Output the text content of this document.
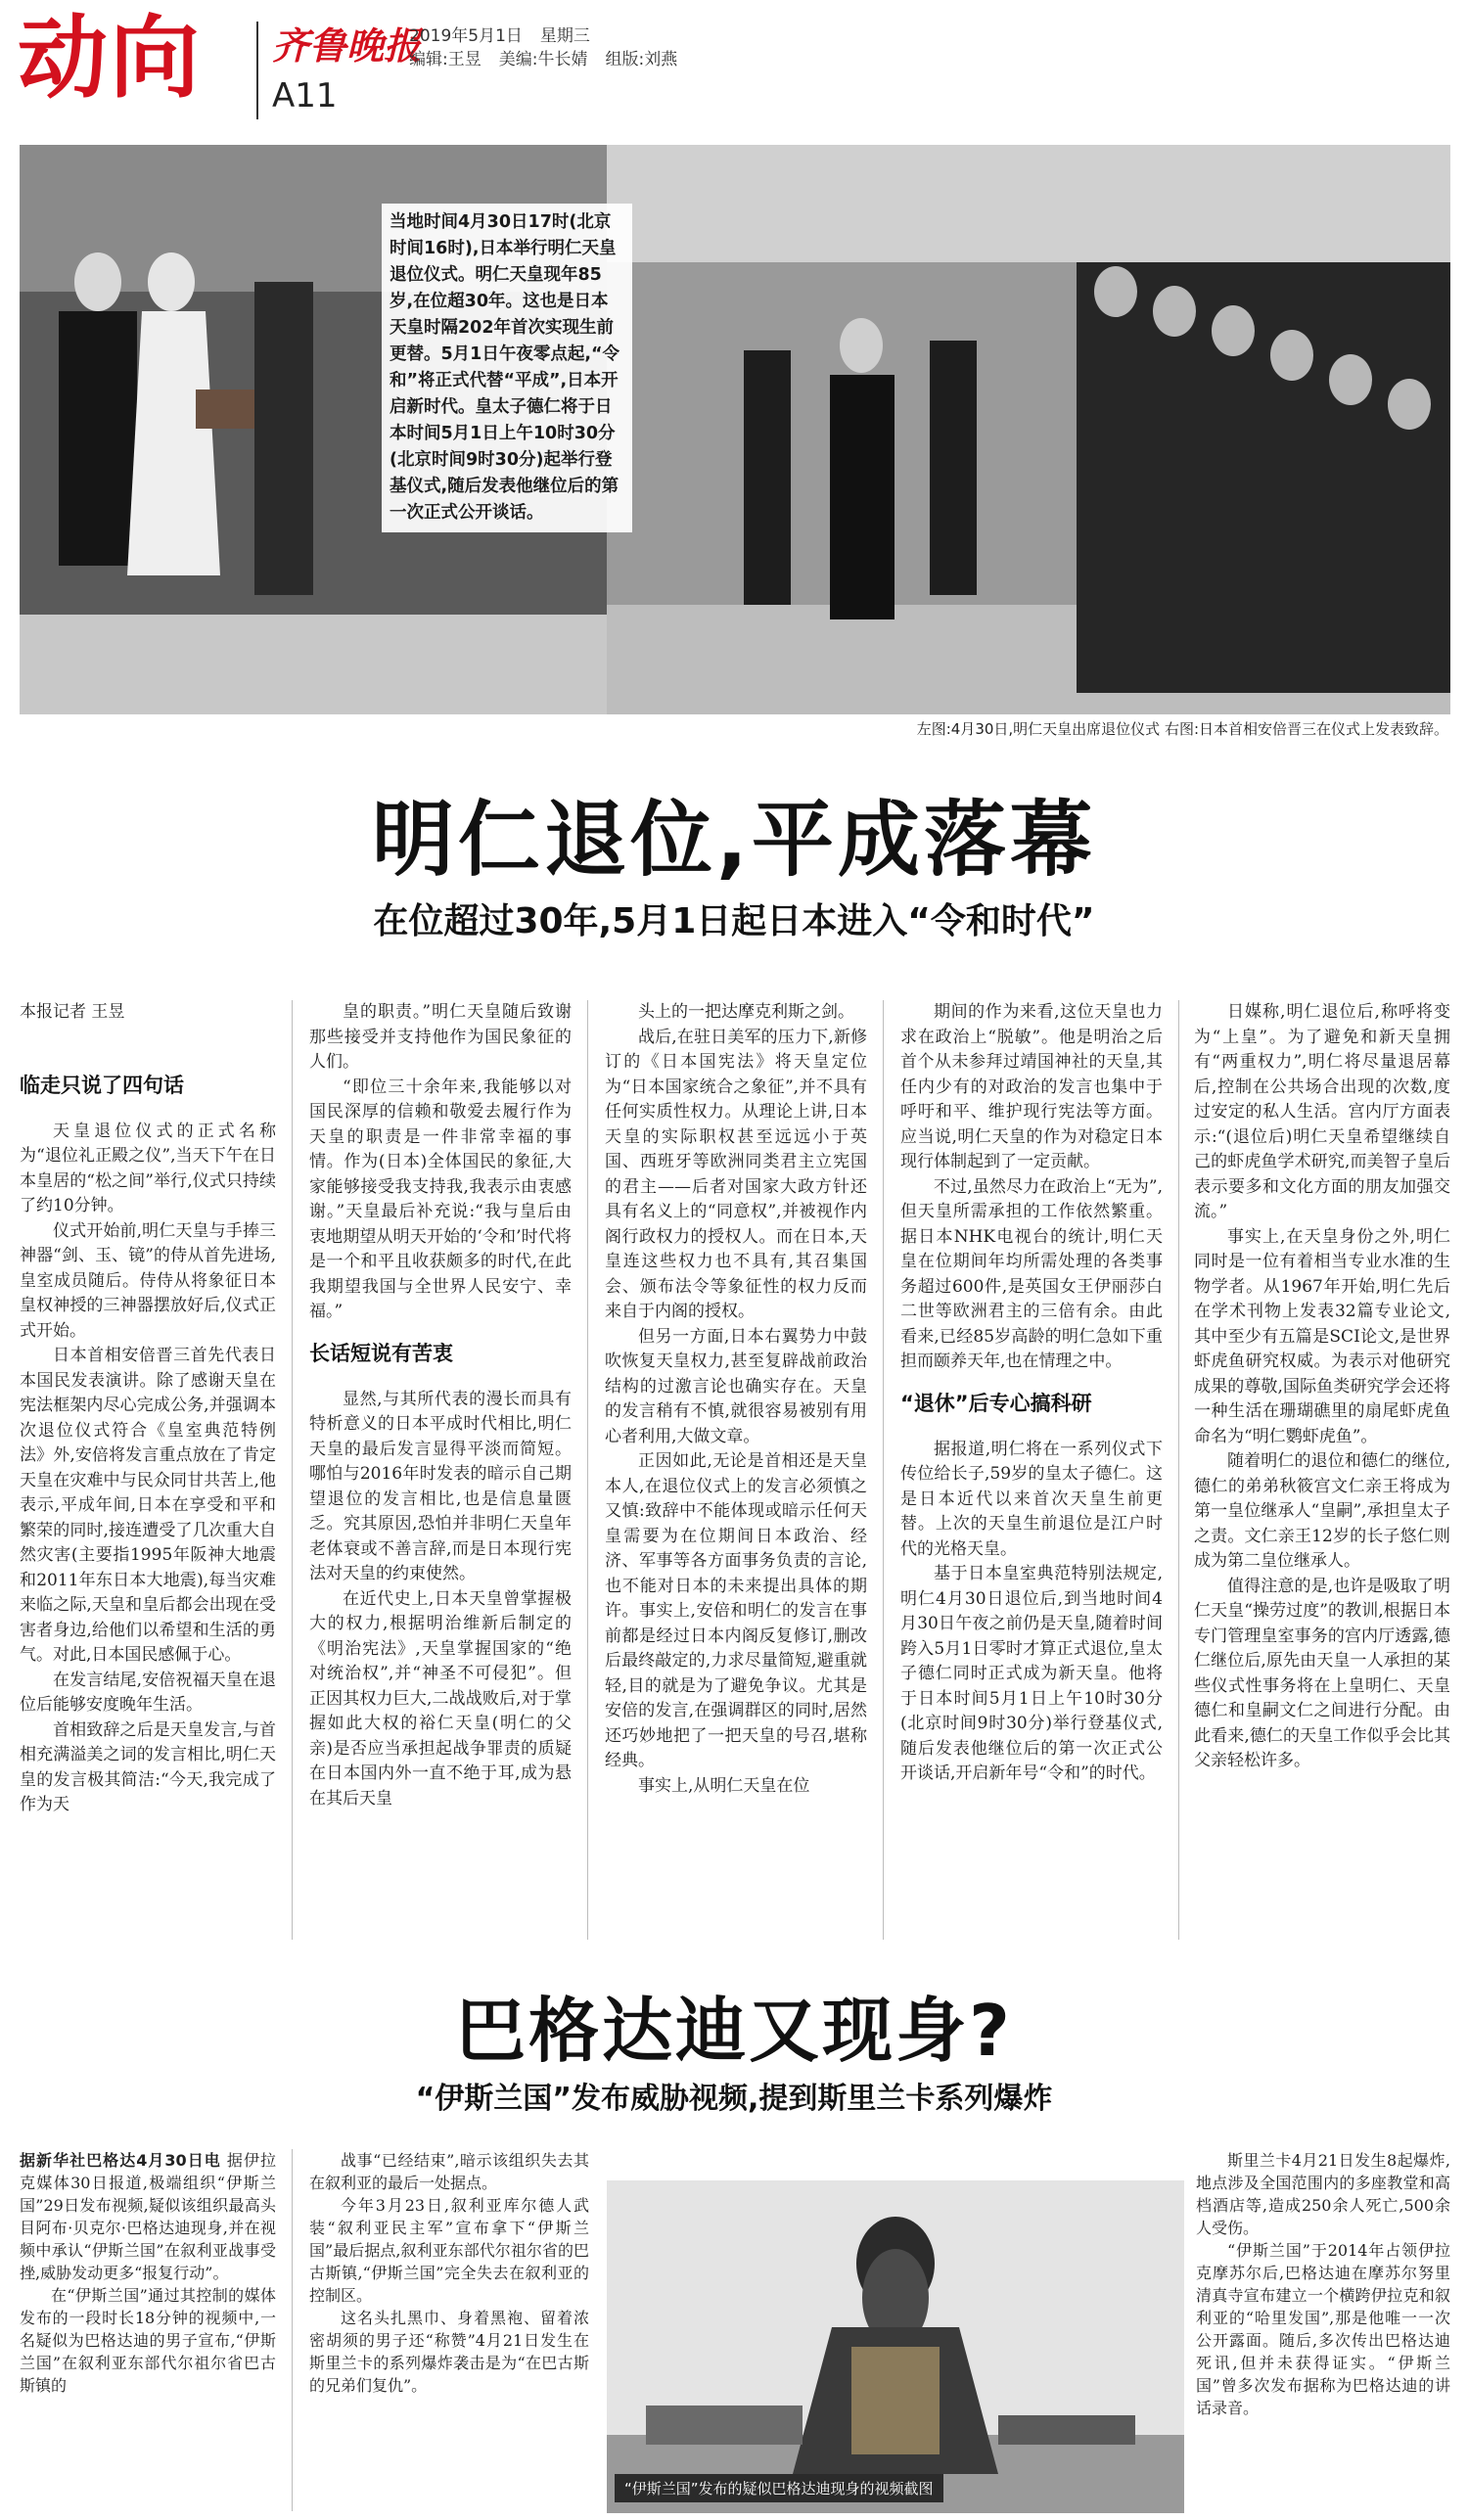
动向 齐鲁晚报
A11
2019年5月1日 星期三
编辑:王昱 美编:牛长婧 组版:刘燕
当地时间4月30日17时(北京时间16时),日本举行明仁天皇退位仪式。明仁天皇现年85岁,在位超30年。这也是日本天皇时隔202年首次实现生前更替。5月1日午夜零点起,“令和”将正式代替“平成”,日本开启新时代。皇太子德仁将于日本时间5月1日上午10时30分(北京时间9时30分)起举行登基仪式,随后发表他继位后的第一次正式公开谈话。
左图:4月30日,明仁天皇出席退位仪式 右图:日本首相安倍晋三在仪式上发表致辞。
明仁退位,平成落幕
在位超过30年,5月1日起日本进入“令和时代”

本报记者 王昱

临走只说了四句话

天皇退位仪式的正式名称为“退位礼正殿之仪”,当天下午在日本皇居的“松之间”举行,仪式只持续了约10分钟。

仪式开始前,明仁天皇与手捧三神器“剑、玉、镜”的侍从首先进场,皇室成员随后。侍侍从将象征日本皇权神授的三神器摆放好后,仪式正式开始。

日本首相安倍晋三首先代表日本国民发表演讲。除了感谢天皇在宪法框架内尽心完成公务,并强调本次退位仪式符合《皇室典范特例法》外,安倍将发言重点放在了肯定天皇在灾难中与民众同甘共苦上,他表示,平成年间,日本在享受和平和繁荣的同时,接连遭受了几次重大自然灾害(主要指1995年阪神大地震和2011年东日本大地震),每当灾难来临之际,天皇和皇后都会出现在受害者身边,给他们以希望和生活的勇气。对此,日本国民感佩于心。

在发言结尾,安倍祝福天皇在退位后能够安度晚年生活。

首相致辞之后是天皇发言,与首相充满溢美之词的发言相比,明仁天皇的发言极其简洁:“今天,我完成了作为天

皇的职责。”明仁天皇随后致谢那些接受并支持他作为国民象征的人们。

“即位三十余年来,我能够以对国民深厚的信赖和敬爱去履行作为天皇的职责是一件非常幸福的事情。作为(日本)全体国民的象征,大家能够接受我支持我,我表示由衷感谢。”天皇最后补充说:“我与皇后由衷地期望从明天开始的‘令和’时代将是一个和平且收获颇多的时代,在此我期望我国与全世界人民安宁、幸福。”

长话短说有苦衷

显然,与其所代表的漫长而具有特析意义的日本平成时代相比,明仁天皇的最后发言显得平淡而简短。哪怕与2016年时发表的暗示自己期望退位的发言相比,也是信息量匮乏。究其原因,恐怕并非明仁天皇年老体衰或不善言辞,而是日本现行宪法对天皇的约束使然。

在近代史上,日本天皇曾掌握极大的权力,根据明治维新后制定的《明治宪法》,天皇掌握国家的“绝对统治权”,并“神圣不可侵犯”。但正因其权力巨大,二战战败后,对于掌握如此大权的裕仁天皇(明仁的父亲)是否应当承担起战争罪责的质疑在日本国内外一直不绝于耳,成为悬在其后天皇

头上的一把达摩克利斯之剑。

战后,在驻日美军的压力下,新修订的《日本国宪法》将天皇定位为“日本国家统合之象征”,并不具有任何实质性权力。从理论上讲,日本天皇的实际职权甚至远远小于英国、西班牙等欧洲同类君主立宪国的君主——后者对国家大政方针还具有名义上的“同意权”,并被视作内阁行政权力的授权人。而在日本,天皇连这些权力也不具有,其召集国会、颁布法令等象征性的权力反而来自于内阁的授权。

但另一方面,日本右翼势力中鼓吹恢复天皇权力,甚至复辟战前政治结构的过激言论也确实存在。天皇的发言稍有不慎,就很容易被别有用心者利用,大做文章。

正因如此,无论是首相还是天皇本人,在退位仪式上的发言必须慎之又慎:致辞中不能体现或暗示任何天皇需要为在位期间日本政治、经济、军事等各方面事务负责的言论,也不能对日本的未来提出具体的期许。事实上,安倍和明仁的发言在事前都是经过日本内阁反复修订,删改后最终敲定的,力求尽量简短,避重就轻,目的就是为了避免争议。尤其是安倍的发言,在强调群区的同时,居然还巧妙地把了一把天皇的号召,堪称经典。

事实上,从明仁天皇在位

期间的作为来看,这位天皇也力求在政治上“脱敏”。他是明治之后首个从未参拜过靖国神社的天皇,其任内少有的对政治的发言也集中于呼吁和平、维护现行宪法等方面。应当说,明仁天皇的作为对稳定日本现行体制起到了一定贡献。

不过,虽然尽力在政治上“无为”,但天皇所需承担的工作依然繁重。据日本NHK电视台的统计,明仁天皇在位期间年均所需处理的各类事务超过600件,是英国女王伊丽莎白二世等欧洲君主的三倍有余。由此看来,已经85岁高龄的明仁急如下重担而颐养天年,也在情理之中。

“退休”后专心搞科研

据报道,明仁将在一系列仪式下传位给长子,59岁的皇太子德仁。这是日本近代以来首次天皇生前更替。上次的天皇生前退位是江户时代的光格天皇。

基于日本皇室典范特别法规定,明仁4月30日退位后,到当地时间4月30日午夜之前仍是天皇,随着时间跨入5月1日零时才算正式退位,皇太子德仁同时正式成为新天皇。他将于日本时间5月1日上午10时30分(北京时间9时30分)举行登基仪式,随后发表他继位后的第一次正式公开谈话,开启新年号“令和”的时代。

日媒称,明仁退位后,称呼将变为“上皇”。为了避免和新天皇拥有“两重权力”,明仁将尽量退居幕后,控制在公共场合出现的次数,度过安定的私人生活。宫内厅方面表示:“(退位后)明仁天皇希望继续自己的虾虎鱼学术研究,而美智子皇后表示要多和文化方面的朋友加强交流。”

事实上,在天皇身份之外,明仁同时是一位有着相当专业水准的生物学者。从1967年开始,明仁先后在学术刊物上发表32篇专业论文,其中至少有五篇是SCI论文,是世界虾虎鱼研究权威。为表示对他研究成果的尊敬,国际鱼类研究学会还将一种生活在珊瑚礁里的扇尾虾虎鱼命名为“明仁鹦虾虎鱼”。

随着明仁的退位和德仁的继位,德仁的弟弟秋筱宫文仁亲王将成为第一皇位继承人“皇嗣”,承担皇太子之责。文仁亲王12岁的长子悠仁则成为第二皇位继承人。

值得注意的是,也许是吸取了明仁天皇“操劳过度”的教训,根据日本专门管理皇室事务的宫内厅透露,德仁继位后,原先由天皇一人承担的某些仪式性事务将在上皇明仁、天皇德仁和皇嗣文仁之间进行分配。由此看来,德仁的天皇工作似乎会比其父亲轻松许多。

巴格达迪又现身?
“伊斯兰国”发布威胁视频,提到斯里兰卡系列爆炸

据新华社巴格达4月30日电 据伊拉克媒体30日报道,极端组织“伊斯兰国”29日发布视频,疑似该组织最高头目阿布·贝克尔·巴格达迪现身,并在视频中承认“伊斯兰国”在叙利亚战事受挫,威胁发动更多“报复行动”。

在“伊斯兰国”通过其控制的媒体发布的一段时长18分钟的视频中,一名疑似为巴格达迪的男子宣布,“伊斯兰国”在叙利亚东部代尔祖尔省巴古斯镇的

战事“已经结束”,暗示该组织失去其在叙利亚的最后一处据点。

今年3月23日,叙利亚库尔德人武装“叙利亚民主军”宣布拿下“伊斯兰国”最后据点,叙利亚东部代尔祖尔省的巴古斯镇,“伊斯兰国”完全失去在叙利亚的控制区。

这名头扎黑巾、身着黑袍、留着浓密胡须的男子还“称赞”4月21日发生在斯里兰卡的系列爆炸袭击是为“在巴古斯的兄弟们复仇”。

“伊斯兰国”发布的疑似巴格达迪现身的视频截图

斯里兰卡4月21日发生8起爆炸,地点涉及全国范围内的多座教堂和高档酒店等,造成250余人死亡,500余人受伤。

“伊斯兰国”于2014年占领伊拉克摩苏尔后,巴格达迪在摩苏尔努里清真寺宣布建立一个横跨伊拉克和叙利亚的“哈里发国”,那是他唯一一次公开露面。随后,多次传出巴格达迪死讯,但并未获得证实。“伊斯兰国”曾多次发布据称为巴格达迪的讲话录音。
